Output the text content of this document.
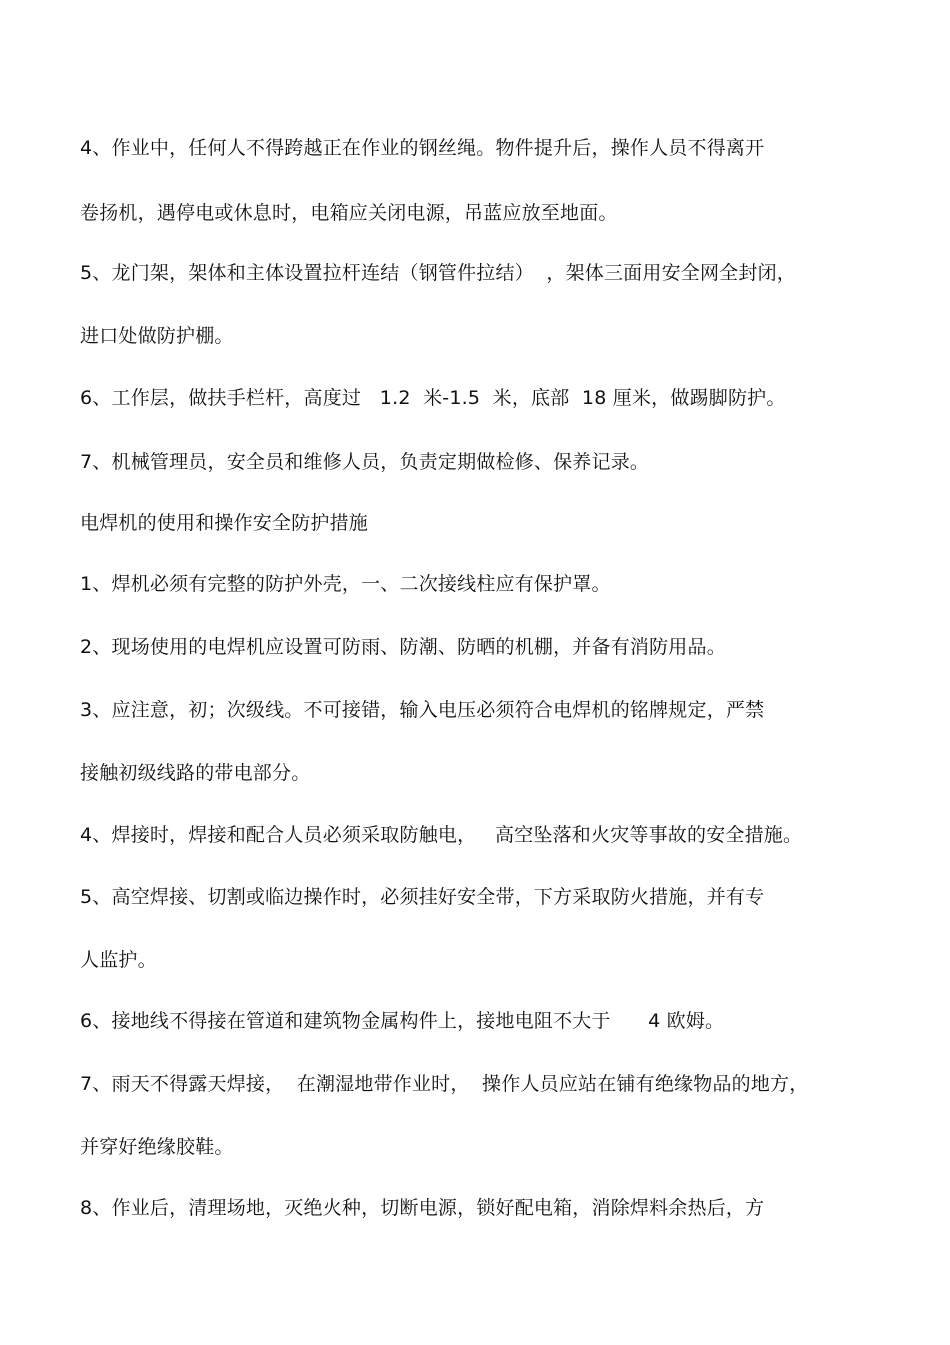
4、作业中，任何人不得跨越正在作业的钢丝绳。物件提升后，操作人员不得离开

卷扬机，遇停电或休息时，电箱应关闭电源，吊蓝应放至地面。

5、龙门架，架体和主体设置拉杆连结（钢管件拉结）  ，架体三面用安全网全封闭，

进口处做防护棚。

6、工作层，做扶手栏杆，高度过   1.2  米-1.5  米，底部  18 厘米，做踢脚防护。

7、机械管理员，安全员和维修人员，负责定期做检修、保养记录。

电焊机的使用和操作安全防护措施

1、焊机必须有完整的防护外壳，一、二次接线柱应有保护罩。

2、现场使用的电焊机应设置可防雨、防潮、防晒的机棚，并备有消防用品。

3、应注意，初；次级线。不可接错，输入电压必须符合电焊机的铭牌规定，严禁

接触初级线路的带电部分。

4、焊接时，焊接和配合人员必须采取防触电，   高空坠落和火灾等事故的安全措施。

5、高空焊接、切割或临边操作时，必须挂好安全带，下方采取防火措施，并有专

人监护。

6、接地线不得接在管道和建筑物金属构件上，接地电阻不大于      4 欧姆。

7、雨天不得露天焊接，  在潮湿地带作业时，  操作人员应站在铺有绝缘物品的地方，

并穿好绝缘胶鞋。

8、作业后，清理场地，灭绝火种，切断电源，锁好配电箱，消除焊料余热后，方
